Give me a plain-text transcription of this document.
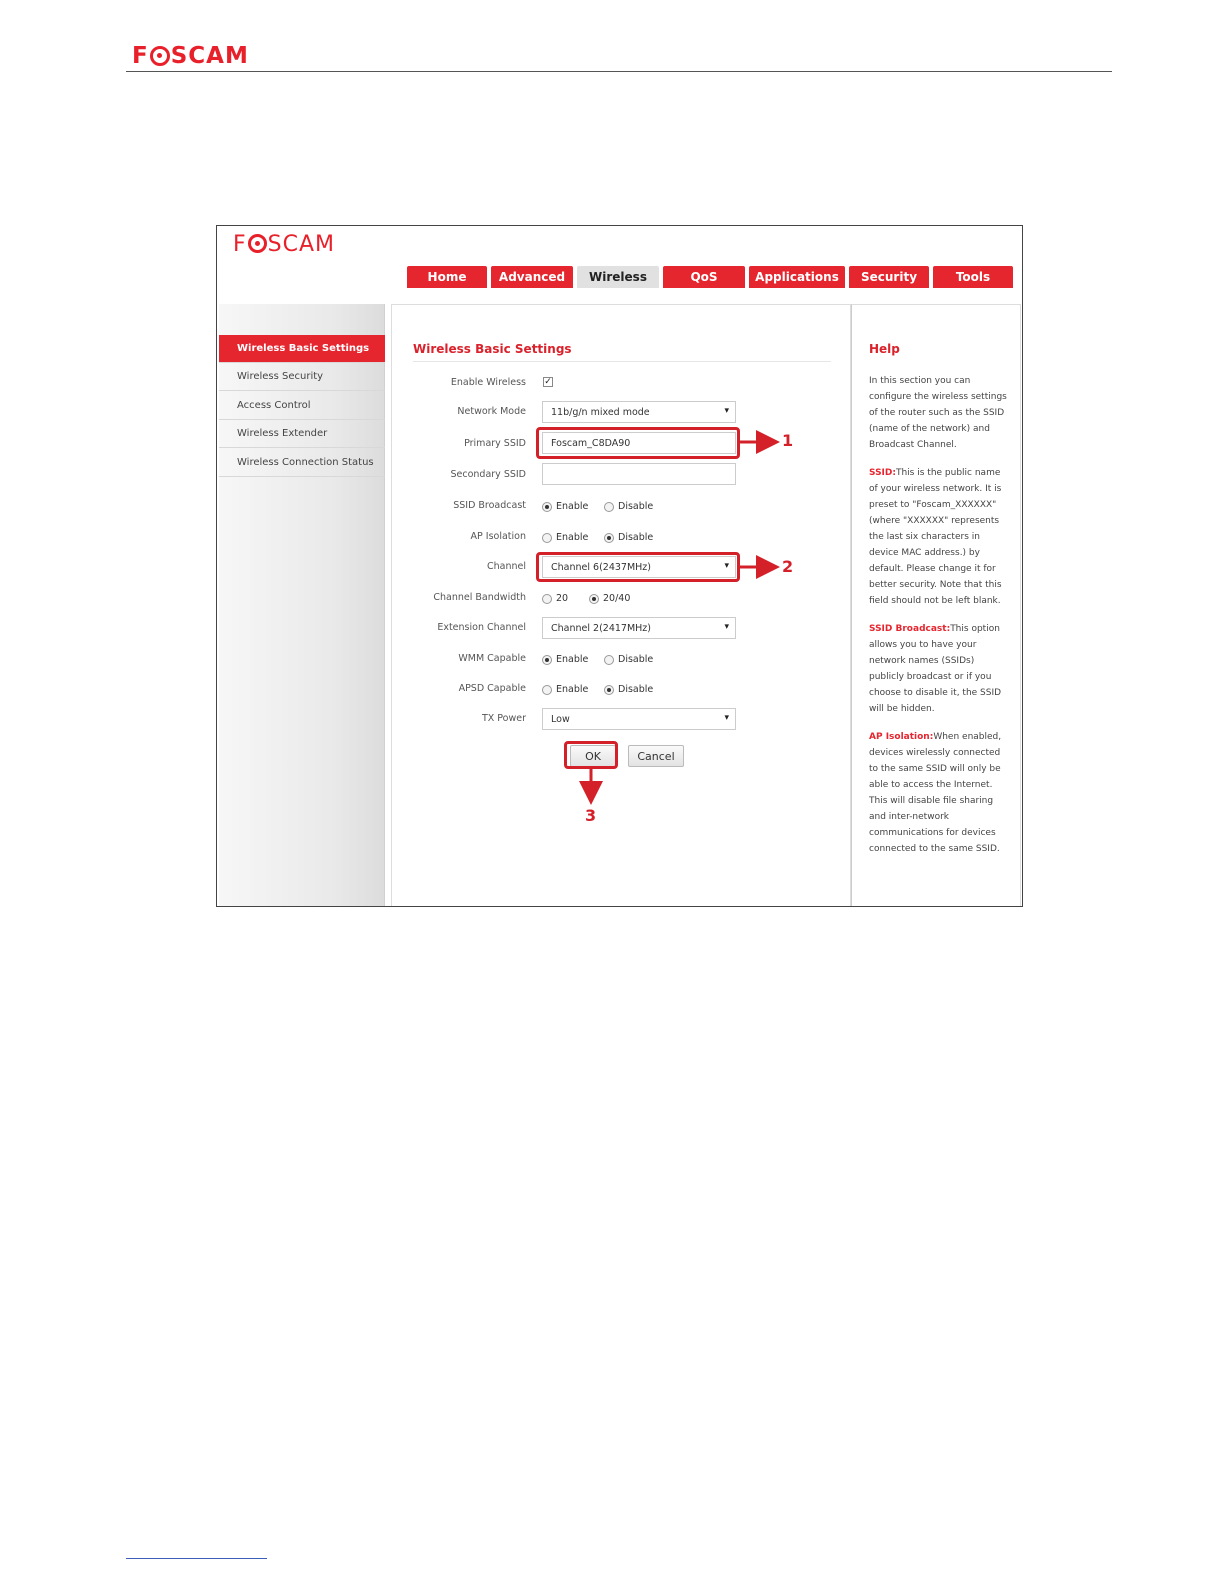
F SCAM
F SCAM
Home	Advanced	Wireless	QoS	Applications	Security	Tools
Wireless Basic Settings
Wireless Security
Access Control
Wireless Extender
Wireless Connection Status
Wireless Basic Settings
Enable Wireless ✓
Network Mode	11b/g/n mixed mode
▾
Primary SSID	Foscam_C8DA90
Secondary SSID
SSID Broadcast	Enable	Disable
AP Isolation	Enable	Disable
Channel	Channel 6(2437MHz)
▾
Channel Bandwidth	20	20/40
Extension Channel	Channel 2(2417MHz)
▾
WMM Capable	Enable	Disable
APSD Capable	Enable	Disable
TX Power	Low
▾
OK	Cancel
1
2
3
Help

In this section you can configure the wireless settings of the router such as the SSID (name of the network) and Broadcast Channel.

SSID:This is the public name of your wireless network. It is preset to "Foscam_XXXXXX" (where "XXXXXX" represents the last six characters in device MAC address.) by default. Please change it for better security. Note that this field should not be left blank.

SSID Broadcast:This option allows you to have your network names (SSIDs) publicly broadcast or if you choose to disable it, the SSID will be hidden.

AP Isolation:When enabled, devices wirelessly connected to the same SSID will only be able to access the Internet. This will disable file sharing and inter-network communications for devices connected to the same SSID.
